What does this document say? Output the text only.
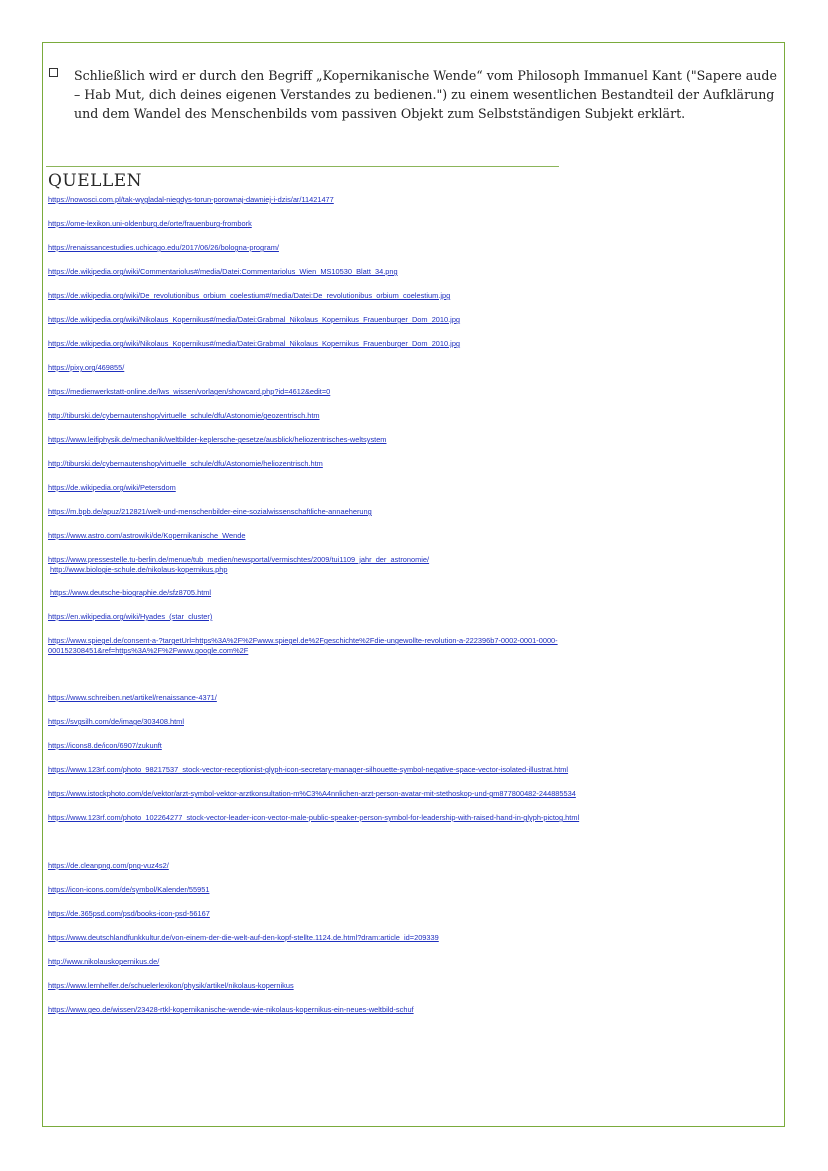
Schließlich wird er durch den Begriff „Kopernikanische Wende“ vom Philosoph Immanuel Kant ("Sapere aude – Hab Mut, dich deines eigenen Verstandes zu bedienen.") zu einem wesentlichen Bestandteil der Aufklärung und dem Wandel des Menschenbilds vom passiven Objekt zum Selbstständigen Subjekt erklärt.

QUELLEN
https://nowosci.com.pl/tak-wygladal-niegdys-torun-porownaj-dawniej-i-dzis/ar/11421477
https://ome-lexikon.uni-oldenburg.de/orte/frauenburg-frombork
https://renaissancestudies.uchicago.edu/2017/06/26/bologna-program/
https://de.wikipedia.org/wiki/Commentariolus#/media/Datei:Commentariolus_Wien_MS10530_Blatt_34.png
https://de.wikipedia.org/wiki/De_revolutionibus_orbium_coelestium#/media/Datei:De_revolutionibus_orbium_coelestium.jpg
https://de.wikipedia.org/wiki/Nikolaus_Kopernikus#/media/Datei:Grabmal_Nikolaus_Kopernikus_Frauenburger_Dom_2010.jpg
https://de.wikipedia.org/wiki/Nikolaus_Kopernikus#/media/Datei:Grabmal_Nikolaus_Kopernikus_Frauenburger_Dom_2010.jpg
https://pixy.org/469855/
https://medienwerkstatt-online.de/lws_wissen/vorlagen/showcard.php?id=4612&edit=0
http://tiburski.de/cybernautenshop/virtuelle_schule/dfu/Astonomie/geozentrisch.htm
https://www.leifiphysik.de/mechanik/weltbilder-keplersche-gesetze/ausblick/heliozentrisches-weltsystem
http://tiburski.de/cybernautenshop/virtuelle_schule/dfu/Astonomie/heliozentrisch.htm
https://de.wikipedia.org/wiki/Petersdom
https://m.bpb.de/apuz/212821/welt-und-menschenbilder-eine-sozialwissenschaftliche-annaeherung
https://www.astro.com/astrowiki/de/Kopernikanische_Wende
https://www.pressestelle.tu-berlin.de/menue/tub_medien/newsportal/vermischtes/2009/tui1109_jahr_der_astronomie/
http://www.biologie-schule.de/nikolaus-kopernikus.php
https://www.deutsche-biographie.de/sfz8705.html
https://en.wikipedia.org/wiki/Hyades_(star_cluster)
https://www.spiegel.de/consent-a-?targetUrl=https%3A%2F%2Fwww.spiegel.de%2Fgeschichte%2Fdie-ungewollte-revolution-a-222396b7-0002-0001-0000-000152308451&ref=https%3A%2F%2Fwww.google.com%2F
https://www.schreiben.net/artikel/renaissance-4371/
https://svgsilh.com/de/image/303408.html
https://icons8.de/icon/6907/zukunft
https://www.123rf.com/photo_98217537_stock-vector-receptionist-glyph-icon-secretary-manager-silhouette-symbol-negative-space-vector-isolated-illustrat.html
https://www.istockphoto.com/de/vektor/arzt-symbol-vektor-arztkonsultation-m%C3%A4nnlichen-arzt-person-avatar-mit-stethoskop-und-gm877800482-244885534
https://www.123rf.com/photo_102264277_stock-vector-leader-icon-vector-male-public-speaker-person-symbol-for-leadership-with-raised-hand-in-glyph-pictog.html
https://de.cleanpng.com/png-vuz4s2/
https://icon-icons.com/de/symbol/Kalender/55951
https://de.365psd.com/psd/books-icon-psd-56167
https://www.deutschlandfunkkultur.de/von-einem-der-die-welt-auf-den-kopf-stellte.1124.de.html?dram:article_id=209339
http://www.nikolauskopernikus.de/
https://www.lernhelfer.de/schuelerlexikon/physik/artikel/nikolaus-kopernikus
https://www.geo.de/wissen/23428-rtkl-kopernikanische-wende-wie-nikolaus-kopernikus-ein-neues-weltbild-schuf
